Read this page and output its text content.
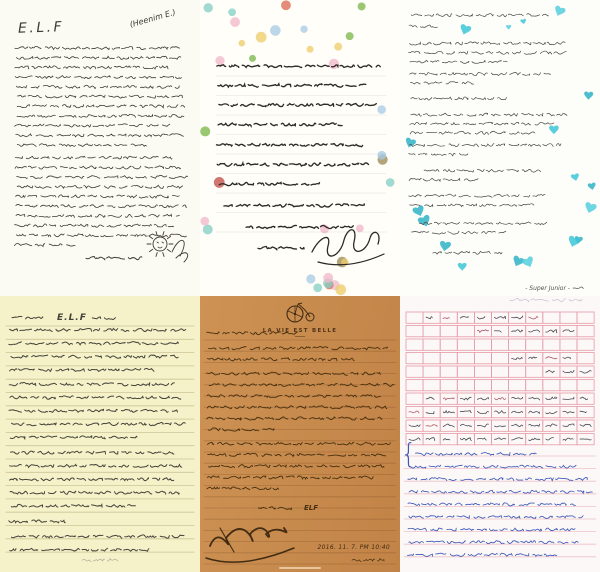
E.L.F	(Heenim E.)
- Super Junior -
E.L.F
LA VIE EST BELLE
ELF
2016. 11. 7. PM 10:40
{
